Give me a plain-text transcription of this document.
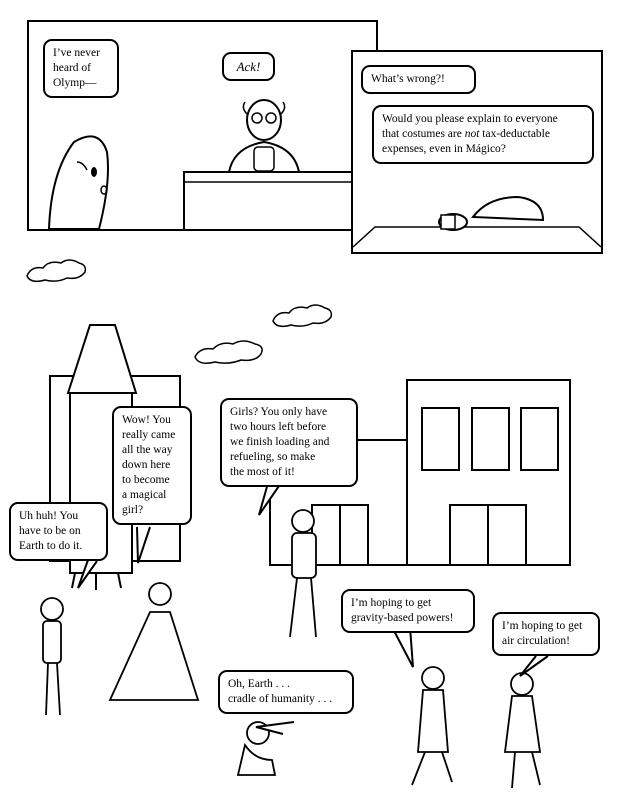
I’ve never
heard of
Olymp—
Ack!
What’s wrong?!
Would you please explain to everyone
that costumes are not tax-deductable
expenses, even in Mágico?
Wow! You
really came
all the way
down here
to become
a magical
girl?
Uh huh! You
have to be on
Earth to do it.
Girls? You only have
two hours left before
we finish loading and
refueling, so make
the most of it!
I’m hoping to get
gravity-based powers!
I’m hoping to get
air circulation!
Oh, Earth . . .
cradle of humanity . . .
